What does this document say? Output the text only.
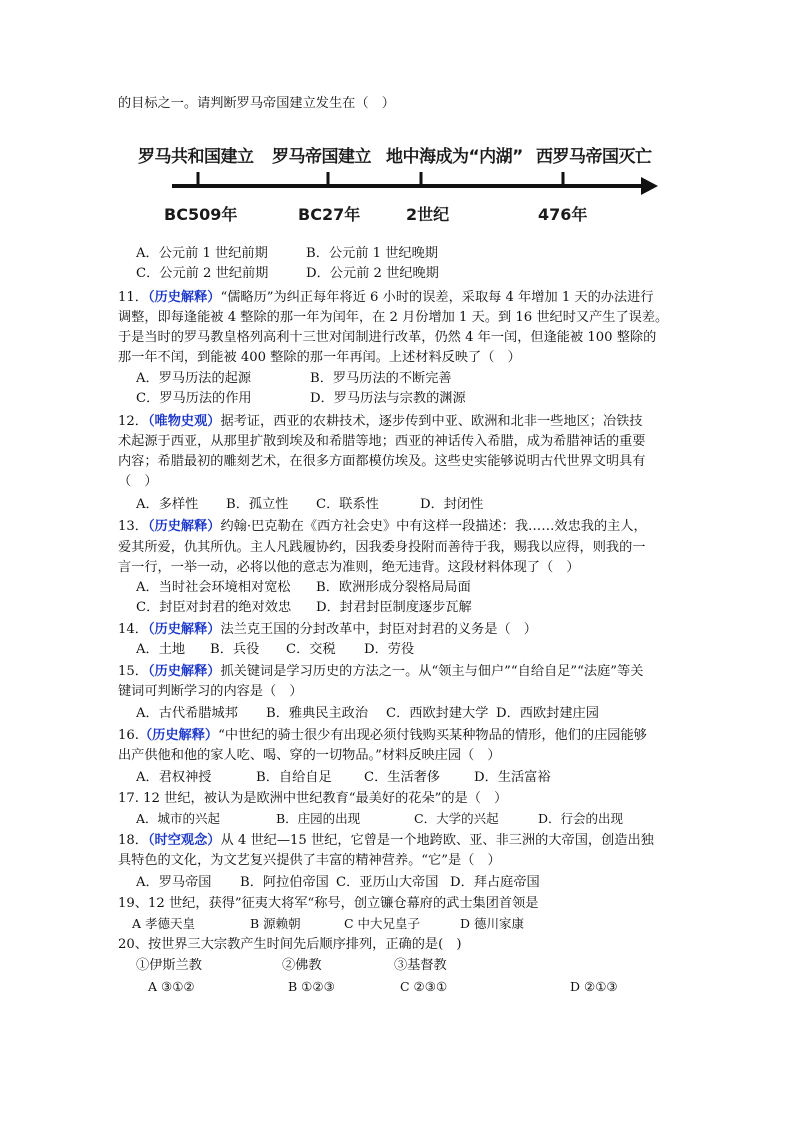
的目标之一。请判断罗马帝国建立发生在（　）
罗马共和国建立 罗马帝国建立 地中海成为“内湖” 西罗马帝国灭亡
BC509年	BC27年	2世纪	476年
A．公元前 1 世纪前期	B．公元前 1 世纪晚期
C．公元前 2 世纪前期	D．公元前 2 世纪晚期
11．（历史解释）“儒略历”为纠正每年将近 6 小时的误差，采取每 4 年增加 1 天的办法进行
调整，即每逢能被 4 整除的那一年为闰年，在 2 月份增加 1 天。到 16 世纪时又产生了误差。
于是当时的罗马教皇格列高利十三世对闰制进行改革，仍然 4 年一闰，但逢能被 100 整除的
那一年不闰，到能被 400 整除的那一年再闰。上述材料反映了（　）
A．罗马历法的起源	B．罗马历法的不断完善
C．罗马历法的作用	D．罗马历法与宗教的渊源
12．（唯物史观）据考证，西亚的农耕技术，逐步传到中亚、欧洲和北非一些地区；冶铁技
术起源于西亚，从那里扩散到埃及和希腊等地；西亚的神话传入希腊，成为希腊神话的重要
内容；希腊最初的雕刻艺术，在很多方面都模仿埃及。这些史实能够说明古代世界文明具有
（　）
A．多样性 B．孤立性 C．联系性	D．封闭性
13．（历史解释）约翰·巴克勒在《西方社会史》中有这样一段描述：我……效忠我的主人，
爱其所爱，仇其所仇。主人凡践履协约，因我委身投附而善待于我，赐我以应得，则我的一
言一行，一举一动，必将以他的意志为准则，绝无违背。这段材料体现了（　）
A．当时社会环境相对宽松 B．欧洲形成分裂格局局面
C．封臣对封君的绝对效忠 D．封君封臣制度逐步瓦解
14．（历史解释）法兰克王国的分封改革中，封臣对封君的义务是（　）
A．土地 B．兵役 C．交税 D．劳役
15．（历史解释）抓关键词是学习历史的方法之一。从“领主与佃户”“自给自足”“法庭”等关
键词可判断学习的内容是（　）
A．古代希腊城邦 B．雅典民主政治 C．西欧封建大学 D．西欧封建庄园
16.（历史解释）“中世纪的骑士很少有出现必须付钱购买某种物品的情形，他们的庄园能够
出产供他和他的家人吃、喝、穿的一切物品。”材料反映庄园（　）
A．君权神授	B．自给自足 C．生活奢侈	D．生活富裕
17. 12 世纪，被认为是欧洲中世纪教育“最美好的花朵”的是（　）
A．城市的兴起	B．庄园的出现	C．大学的兴起	D．行会的出现
18．（时空观念）从 4 世纪—15 世纪，它曾是一个地跨欧、亚、非三洲的大帝国，创造出独
具特色的文化，为文艺复兴提供了丰富的精神营养。“它”是（　）
A．罗马帝国 B．阿拉伯帝国 C．亚历山大帝国 D．拜占庭帝国
19、12 世纪，获得”征夷大将军“称号，创立镰仓幕府的武士集团首领是
A 孝德天皇	B 源赖朝	C 中大兄皇子	D 德川家康
20、按世界三大宗教产生时间先后顺序排列，正确的是(　)
①伊斯兰教	②佛教	③基督教
A ③①②	B ①②③	C ②③①	D ②①③
